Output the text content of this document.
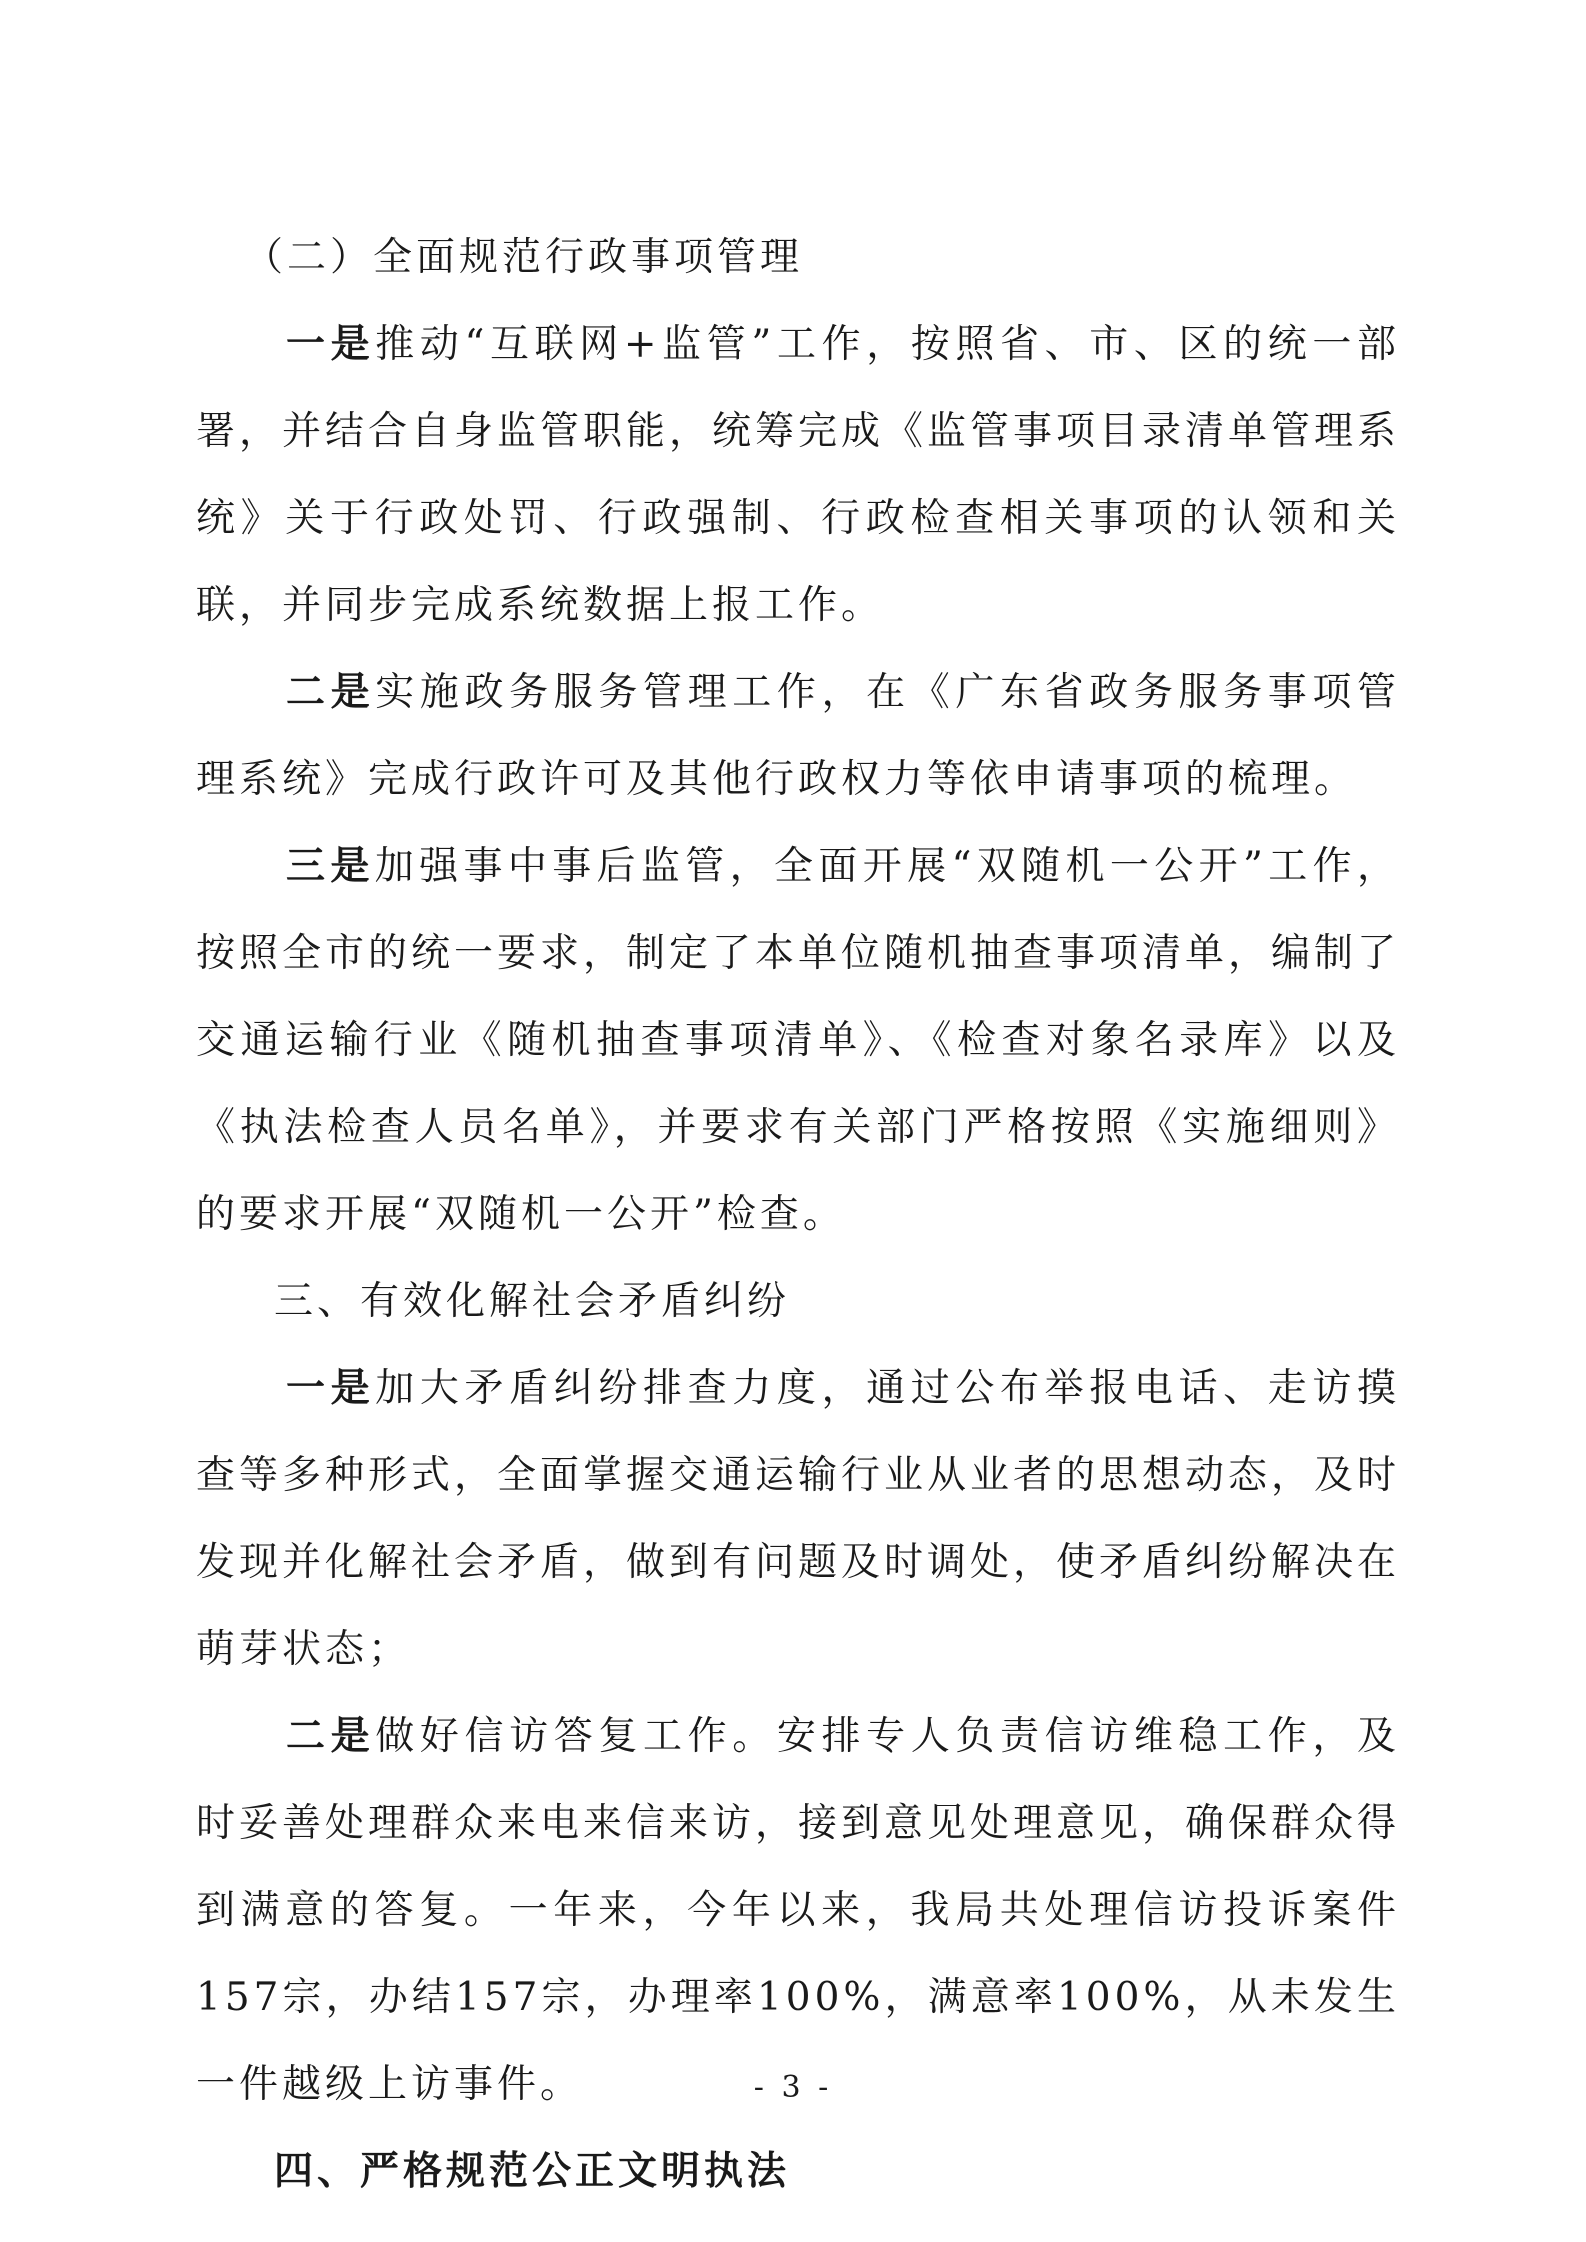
（二）全面规范行政事项管理

一是推动“互联网+监管”工作，按照省、市、区的统一部署，并结合自身监管职能，统筹完成《监管事项目录清单管理系统》关于行政处罚、行政强制、行政检查相关事项的认领和关联，并同步完成系统数据上报工作。

二是实施政务服务管理工作，在《广东省政务服务事项管理系统》完成行政许可及其他行政权力等依申请事项的梳理。

三是加强事中事后监管，全面开展“双随机一公开”工作，按照全市的统一要求，制定了本单位随机抽查事项清单，编制了交通运输行业《随机抽查事项清单》、《检查对象名录库》以及《执法检查人员名单》，并要求有关部门严格按照《实施细则》的要求开展“双随机一公开”检查。

三、有效化解社会矛盾纠纷

一是加大矛盾纠纷排查力度，通过公布举报电话、走访摸查等多种形式，全面掌握交通运输行业从业者的思想动态，及时发现并化解社会矛盾，做到有问题及时调处，使矛盾纠纷解决在萌芽状态；

二是做好信访答复工作。安排专人负责信访维稳工作，及时妥善处理群众来电来信来访，接到意见处理意见，确保群众得到满意的答复。一年来，今年以来，我局共处理信访投诉案件157宗，办结157宗，办理率100%，满意率100%，从未发生一件越级上访事件。

四、严格规范公正文明执法
- 3 -
